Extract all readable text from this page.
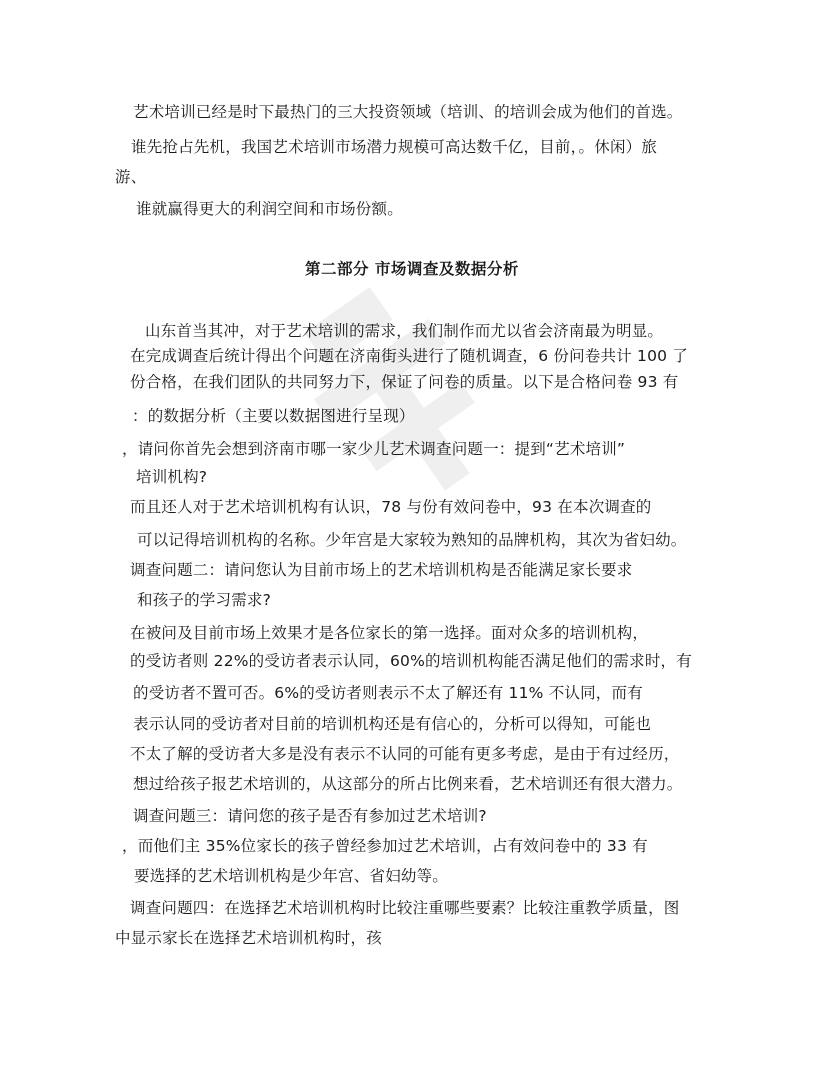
艺术培训已经是时下最热门的三大投资领域（培训、的培训会成为他们的首选。
谁先抢占先机，我国艺术培训市场潜力规模可高达数千亿，目前，。休闲）旅
游、
谁就赢得更大的利润空间和市场份额。
第二部分 市场调查及数据分析
山东首当其冲，对于艺术培训的需求，我们制作而尤以省会济南最为明显。
在完成调查后统计得出个问题在济南街头进行了随机调查，6 份问卷共计 100 了
份合格，在我们团队的共同努力下，保证了问卷的质量。以下是合格问卷 93 有
：的数据分析（主要以数据图进行呈现）
，请问你首先会想到济南市哪一家少儿艺术调查问题一：提到“艺术培训”
培训机构?
而且还人对于艺术培训机构有认识，78 与份有效问卷中，93 在本次调查的
可以记得培训机构的名称。少年宫是大家较为熟知的品牌机构，其次为省妇幼。
调查问题二：请问您认为目前市场上的艺术培训机构是否能满足家长要求
和孩子的学习需求?
在被问及目前市场上效果才是各位家长的第一选择。面对众多的培训机构，
的受访者则 22%的受访者表示认同，60%的培训机构能否满足他们的需求时，有
的受访者不置可否。6%的受访者则表示不太了解还有 11% 不认同，而有
表示认同的受访者对目前的培训机构还是有信心的，分析可以得知，可能也
不太了解的受访者大多是没有表示不认同的可能有更多考虑，是由于有过经历，
想过给孩子报艺术培训的，从这部分的所占比例来看，艺术培训还有很大潜力。
调查问题三：请问您的孩子是否有参加过艺术培训?
，而他们主 35%位家长的孩子曾经参加过艺术培训，占有效问卷中的 33 有
要选择的艺术培训机构是少年宫、省妇幼等。
调查问题四：在选择艺术培训机构时比较注重哪些要素？比较注重教学质量，图
中显示家长在选择艺术培训机构时，孩
